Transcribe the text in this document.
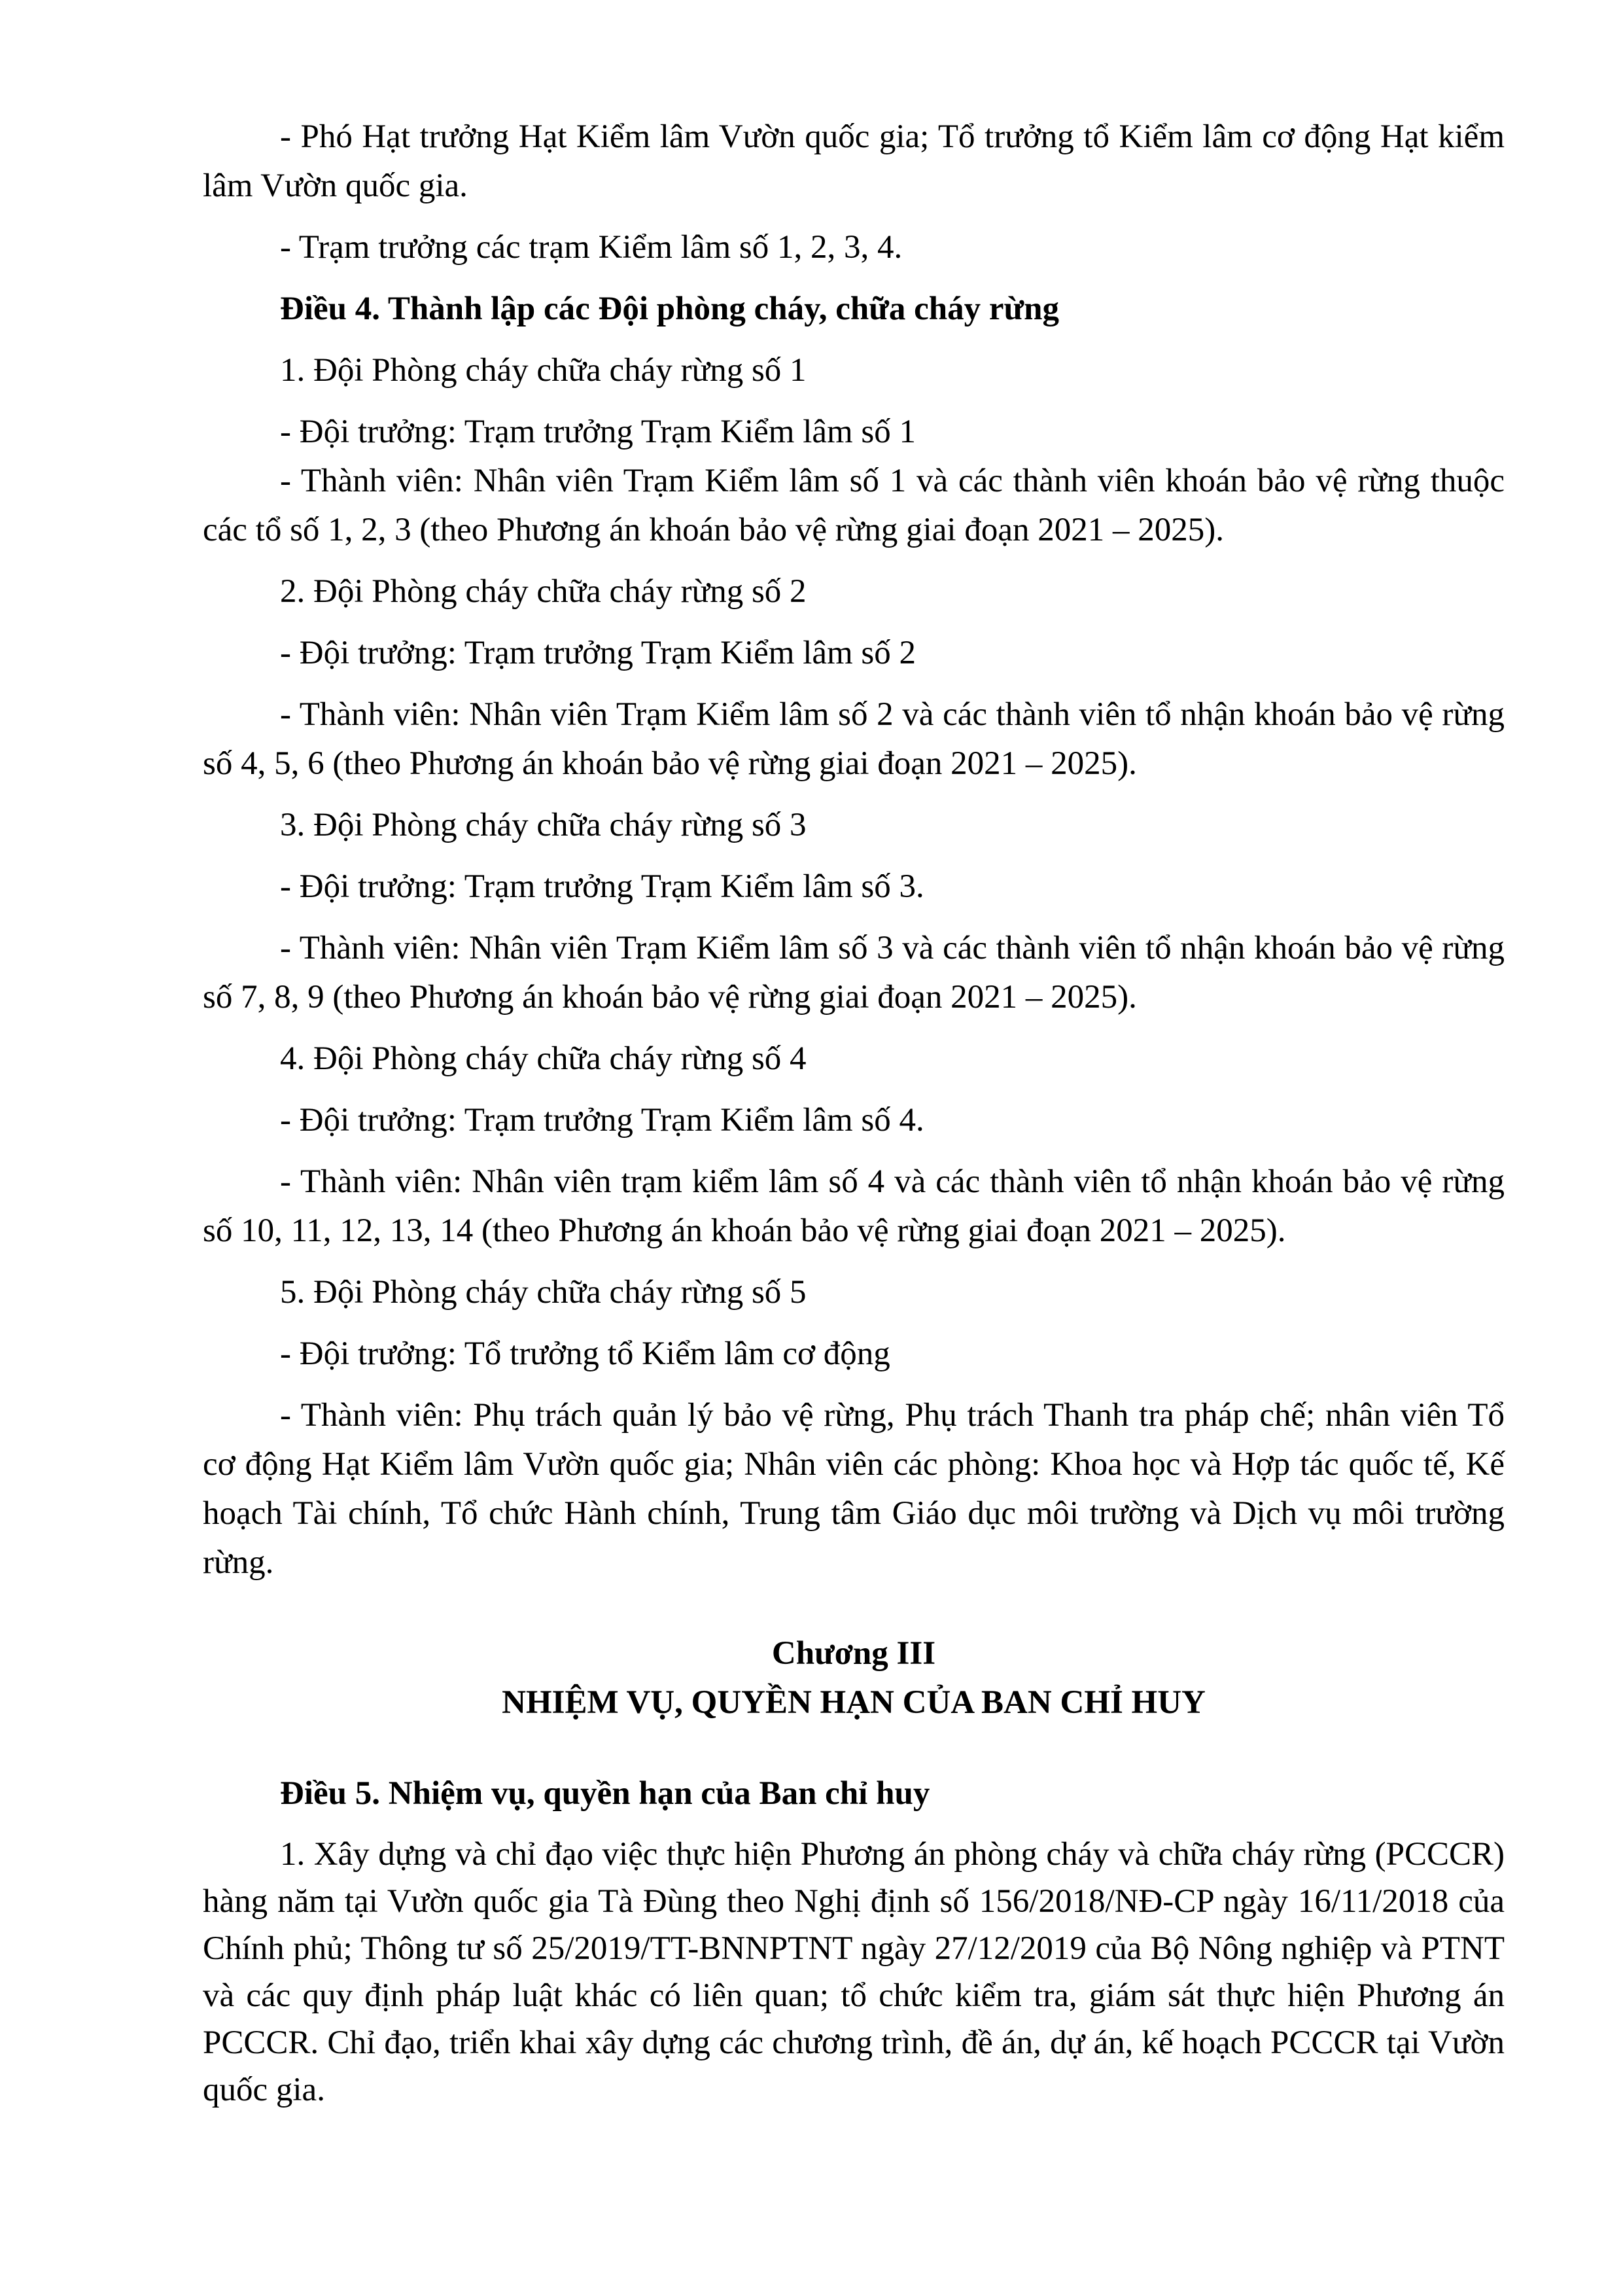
- Phó Hạt trưởng Hạt Kiểm lâm Vườn quốc gia; Tổ trưởng tổ Kiểm lâm cơ động Hạt kiểm lâm Vườn quốc gia.

- Trạm trưởng các trạm Kiểm lâm số 1, 2, 3, 4.

Điều 4. Thành lập các Đội phòng cháy, chữa cháy rừng

1. Đội Phòng cháy chữa cháy rừng số 1

- Đội trưởng: Trạm trưởng Trạm Kiểm lâm số 1

- Thành viên: Nhân viên Trạm Kiểm lâm số 1 và các thành viên khoán bảo vệ rừng thuộc các tổ số 1, 2, 3 (theo Phương án khoán bảo vệ rừng giai đoạn 2021 – 2025).

2. Đội Phòng cháy chữa cháy rừng số 2

- Đội trưởng: Trạm trưởng Trạm Kiểm lâm số 2

- Thành viên: Nhân viên Trạm Kiểm lâm số 2 và các thành viên tổ nhận khoán bảo vệ rừng số 4, 5, 6 (theo Phương án khoán bảo vệ rừng giai đoạn 2021 – 2025).

3. Đội Phòng cháy chữa cháy rừng số 3

- Đội trưởng: Trạm trưởng Trạm Kiểm lâm số 3.

- Thành viên: Nhân viên Trạm Kiểm lâm số 3 và các thành viên tổ nhận khoán bảo vệ rừng số 7, 8, 9 (theo Phương án khoán bảo vệ rừng giai đoạn 2021 – 2025).

4. Đội Phòng cháy chữa cháy rừng số 4

- Đội trưởng: Trạm trưởng Trạm Kiểm lâm số 4.

- Thành viên: Nhân viên trạm kiểm lâm số 4 và các thành viên tổ nhận khoán bảo vệ rừng số 10, 11, 12, 13, 14 (theo Phương án khoán bảo vệ rừng giai đoạn 2021 – 2025).

5. Đội Phòng cháy chữa cháy rừng số 5

- Đội trưởng: Tổ trưởng tổ Kiểm lâm cơ động

- Thành viên: Phụ trách quản lý bảo vệ rừng, Phụ trách Thanh tra pháp chế; nhân viên Tổ cơ động Hạt Kiểm lâm Vườn quốc gia; Nhân viên các phòng: Khoa học và Hợp tác quốc tế, Kế hoạch Tài chính, Tổ chức Hành chính, Trung tâm Giáo dục môi trường và Dịch vụ môi trường rừng.

Chương III

NHIỆM VỤ, QUYỀN HẠN CỦA BAN CHỈ HUY

Điều 5. Nhiệm vụ, quyền hạn của Ban chỉ huy

1. Xây dựng và chỉ đạo việc thực hiện Phương án phòng cháy và chữa cháy rừng (PCCCR) hàng năm tại Vườn quốc gia Tà Đùng theo Nghị định số 156/2018/NĐ-CP ngày 16/11/2018 của Chính phủ; Thông tư số 25/2019/TT-BNNPTNT ngày 27/12/2019 của Bộ Nông nghiệp và PTNT và các quy định pháp luật khác có liên quan; tổ chức kiểm tra, giám sát thực hiện Phương án PCCCR. Chỉ đạo, triển khai xây dựng các chương trình, đề án, dự án, kế hoạch PCCCR tại Vườn quốc gia.
